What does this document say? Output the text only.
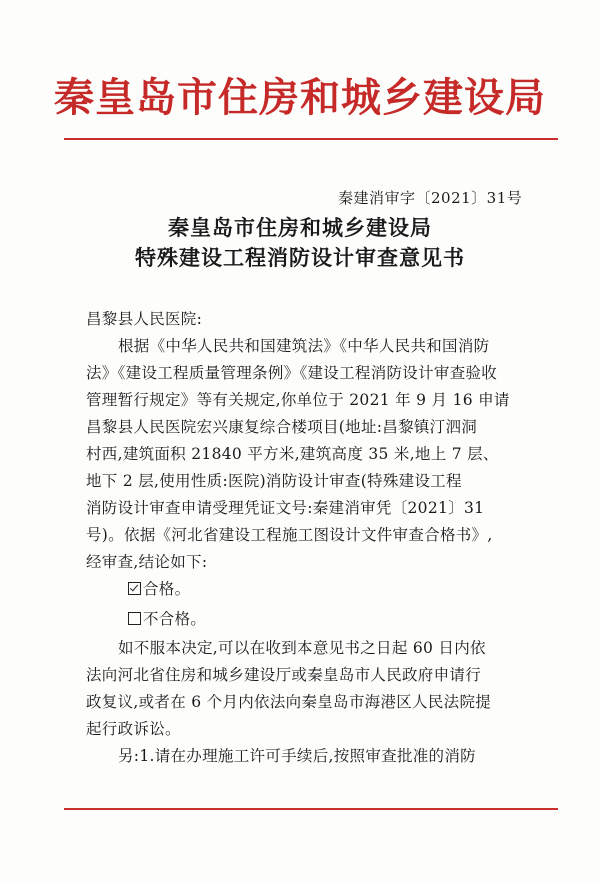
秦皇岛市住房和城乡建设局
秦建消审字〔2021〕31号
秦皇岛市住房和城乡建设局
特殊建设工程消防设计审查意见书
昌黎县人民医院:
根据《中华人民共和国建筑法》《中华人民共和国消防
法》《建设工程质量管理条例》《建设工程消防设计审查验收
管理暂行规定》等有关规定,你单位于 2021 年 9 月 16 申请
昌黎县人民医院宏兴康复综合楼项目(地址:昌黎镇汀泗洞
村西,建筑面积 21840 平方米,建筑高度 35 米,地上 7 层、
地下 2 层,使用性质:医院)消防设计审查(特殊建设工程
消防设计审查申请受理凭证文号:秦建消审凭〔2021〕31
号)。依据《河北省建设工程施工图设计文件审查合格书》,
经审查,结论如下:
合格。
不合格。
如不服本决定,可以在收到本意见书之日起 60 日内依
法向河北省住房和城乡建设厅或秦皇岛市人民政府申请行
政复议,或者在 6 个月内依法向秦皇岛市海港区人民法院提
起行政诉讼。
另:1.请在办理施工许可手续后,按照审查批准的消防
